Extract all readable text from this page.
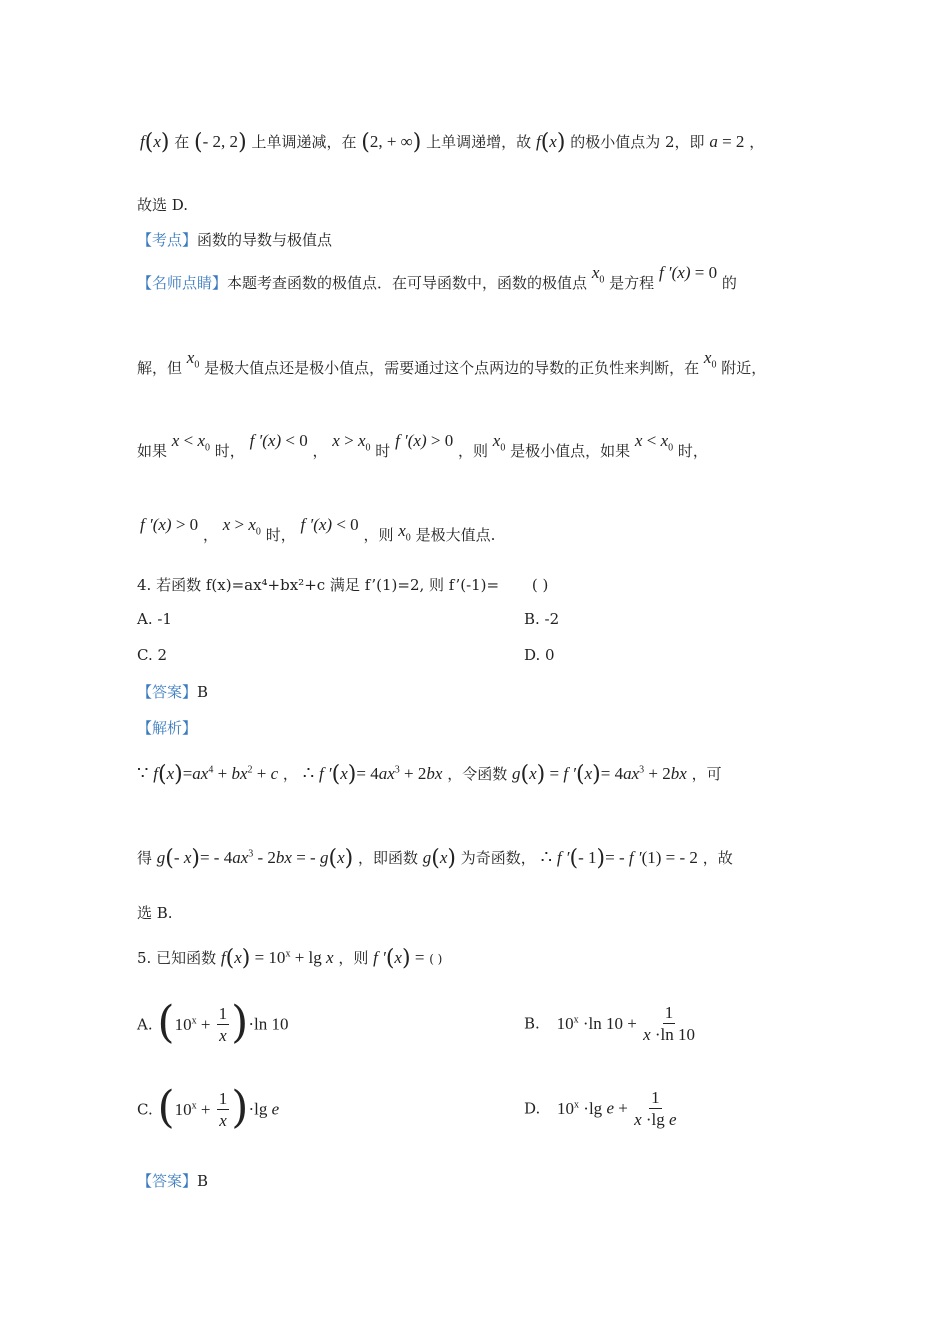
f(x) 在 (- 2, 2) 上单调递减，在 (2, + ∞) 上单调递增，故 f(x) 的极小值点为 2，即 a = 2 ，
故选 D.
【考点】函数的导数与极值点
【名师点睛】本题考查函数的极值点．在可导函数中，函数的极值点 $x_0$ 是方程 f ′(x) = 0 的
解，但 $x_0$ 是极大值点还是极小值点，需要通过这个点两边的导数的正负性来判断，在 $x_0$ 附近，
如果 $x < x_0$ 时， f ′(x) < 0 ， $x > x_0$ 时 f ′(x) > 0 ，则 $x_0$ 是极小值点，如果 $x < x_0$ 时，
f ′(x) > 0 ， $x > x_0$ 时， f ′(x) < 0 ，则 $x_0$ 是极大值点.
4. 若函数 f(x)=ax⁴+bx²+c 满足 f’(1)=2, 则 f’(-1)= ( )
A. -1	B. -2
C. 2	D. 0
【答案】B
【解析】
∵ $f(x)=ax^4 + bx^2 + c$ ， ∴ f $'(x)= 4ax^3 + 2bx$ ，令函数 g(x) = f $'(x)= 4ax^3 + 2bx$ ，可
得 g(- $x)= - 4ax^3 - 2bx$ = - g(x) ，即函数 g(x) 为奇函数， ∴ f ′(- 1)= - f ′(1) = - 2 ，故
选 B.
5. 已知函数 $f(x) = 10^x + \lg x$ ，则 f ′(x) = ( )
A. $(10^x + \frac{1}{x} )\cdot\ln$ 10	B. $10^x \cdot\ln$ $10 + \frac{1}{x \cdot\ln 10}$
C. $(10^x + \frac{1}{x} )\cdot\lg$ e	D. $10^x \cdot\lg$ $e + \frac{1}{\text{x ·lg e}}$
【答案】B
